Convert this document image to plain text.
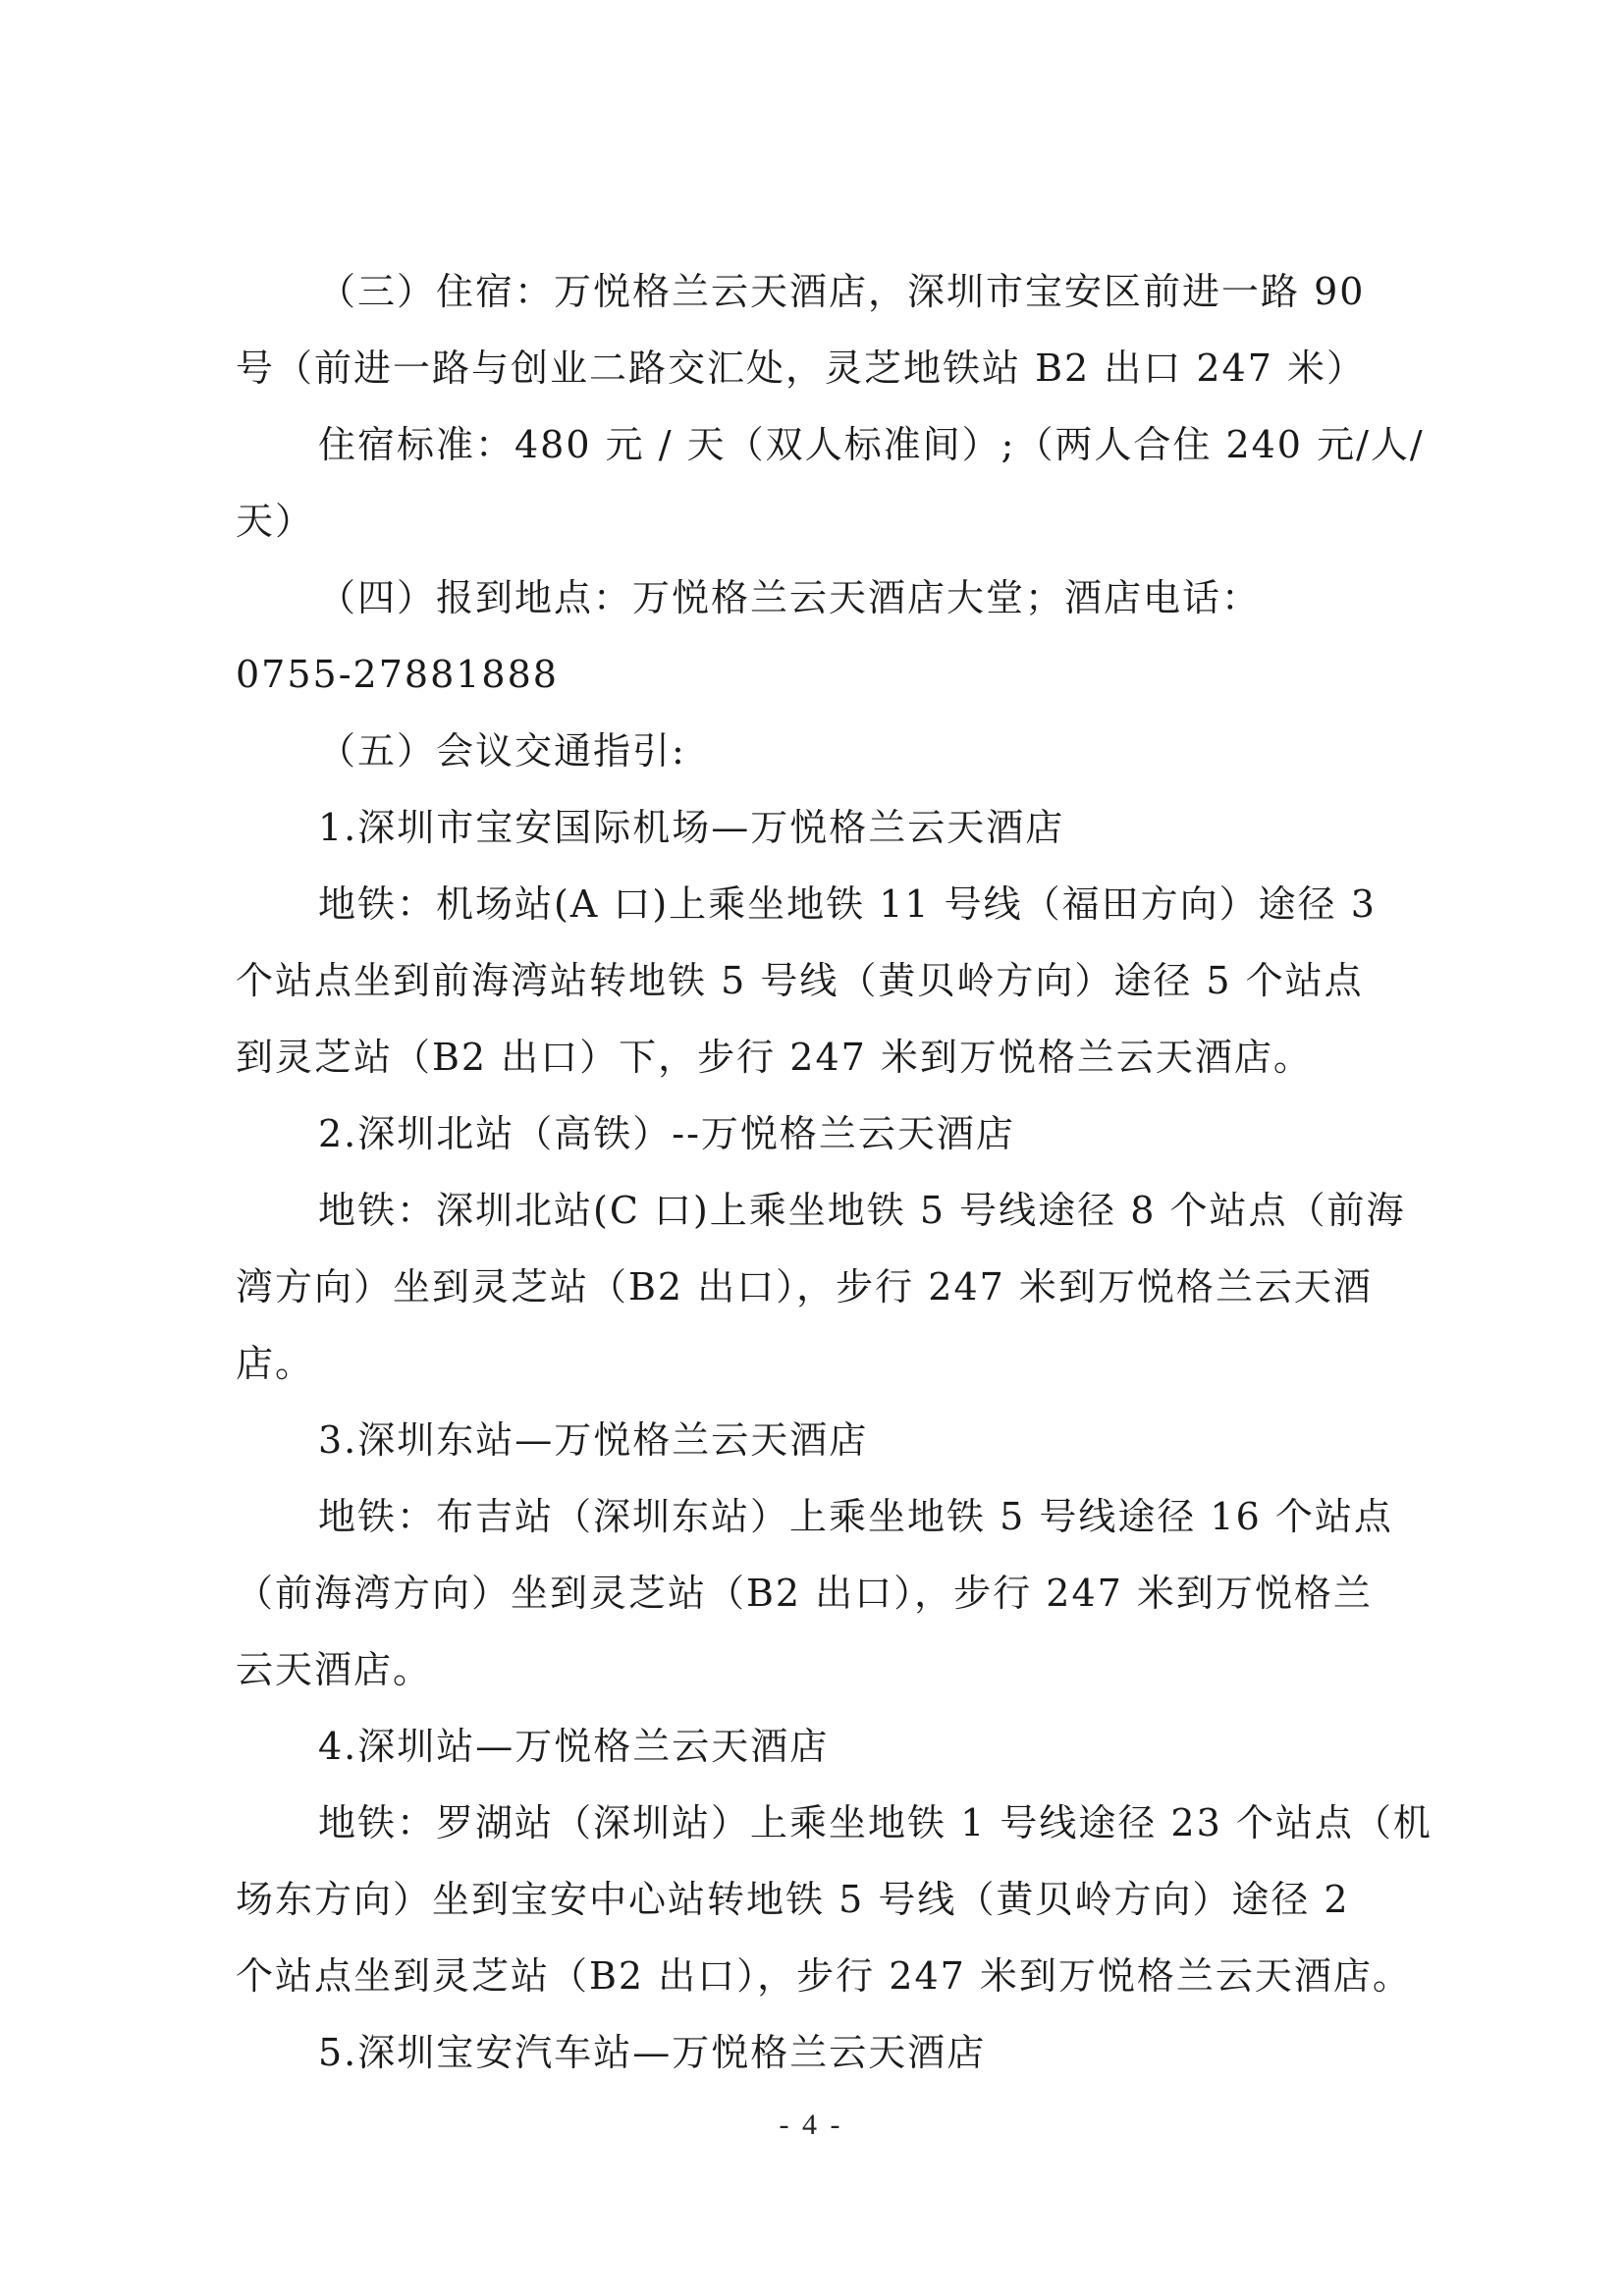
（三）住宿：万悦格兰云天酒店，深圳市宝安区前进一路 90
号（前进一路与创业二路交汇处，灵芝地铁站 B2 出口 247 米）

住宿标准：480 元 / 天（双人标准间）;（两人合住 240 元/人/
天）

（四）报到地点：万悦格兰云天酒店大堂；酒店电话：
0755-27881888

（五）会议交通指引:

1.深圳市宝安国际机场—万悦格兰云天酒店

地铁：机场站(A 口)上乘坐地铁 11 号线（福田方向）途径 3
个站点坐到前海湾站转地铁 5 号线（黄贝岭方向）途径 5 个站点
到灵芝站（B2 出口）下，步行 247 米到万悦格兰云天酒店。

2.深圳北站（高铁）--万悦格兰云天酒店

地铁：深圳北站(C 口)上乘坐地铁 5 号线途径 8 个站点（前海
湾方向）坐到灵芝站（B2 出口），步行 247 米到万悦格兰云天酒
店。

3.深圳东站—万悦格兰云天酒店

地铁：布吉站（深圳东站）上乘坐地铁 5 号线途径 16 个站点
（前海湾方向）坐到灵芝站（B2 出口），步行 247 米到万悦格兰
云天酒店。

4.深圳站—万悦格兰云天酒店

地铁：罗湖站（深圳站）上乘坐地铁 1 号线途径 23 个站点（机
场东方向）坐到宝安中心站转地铁 5 号线（黄贝岭方向）途径 2
个站点坐到灵芝站（B2 出口），步行 247 米到万悦格兰云天酒店。

5.深圳宝安汽车站—万悦格兰云天酒店

- 4 -
